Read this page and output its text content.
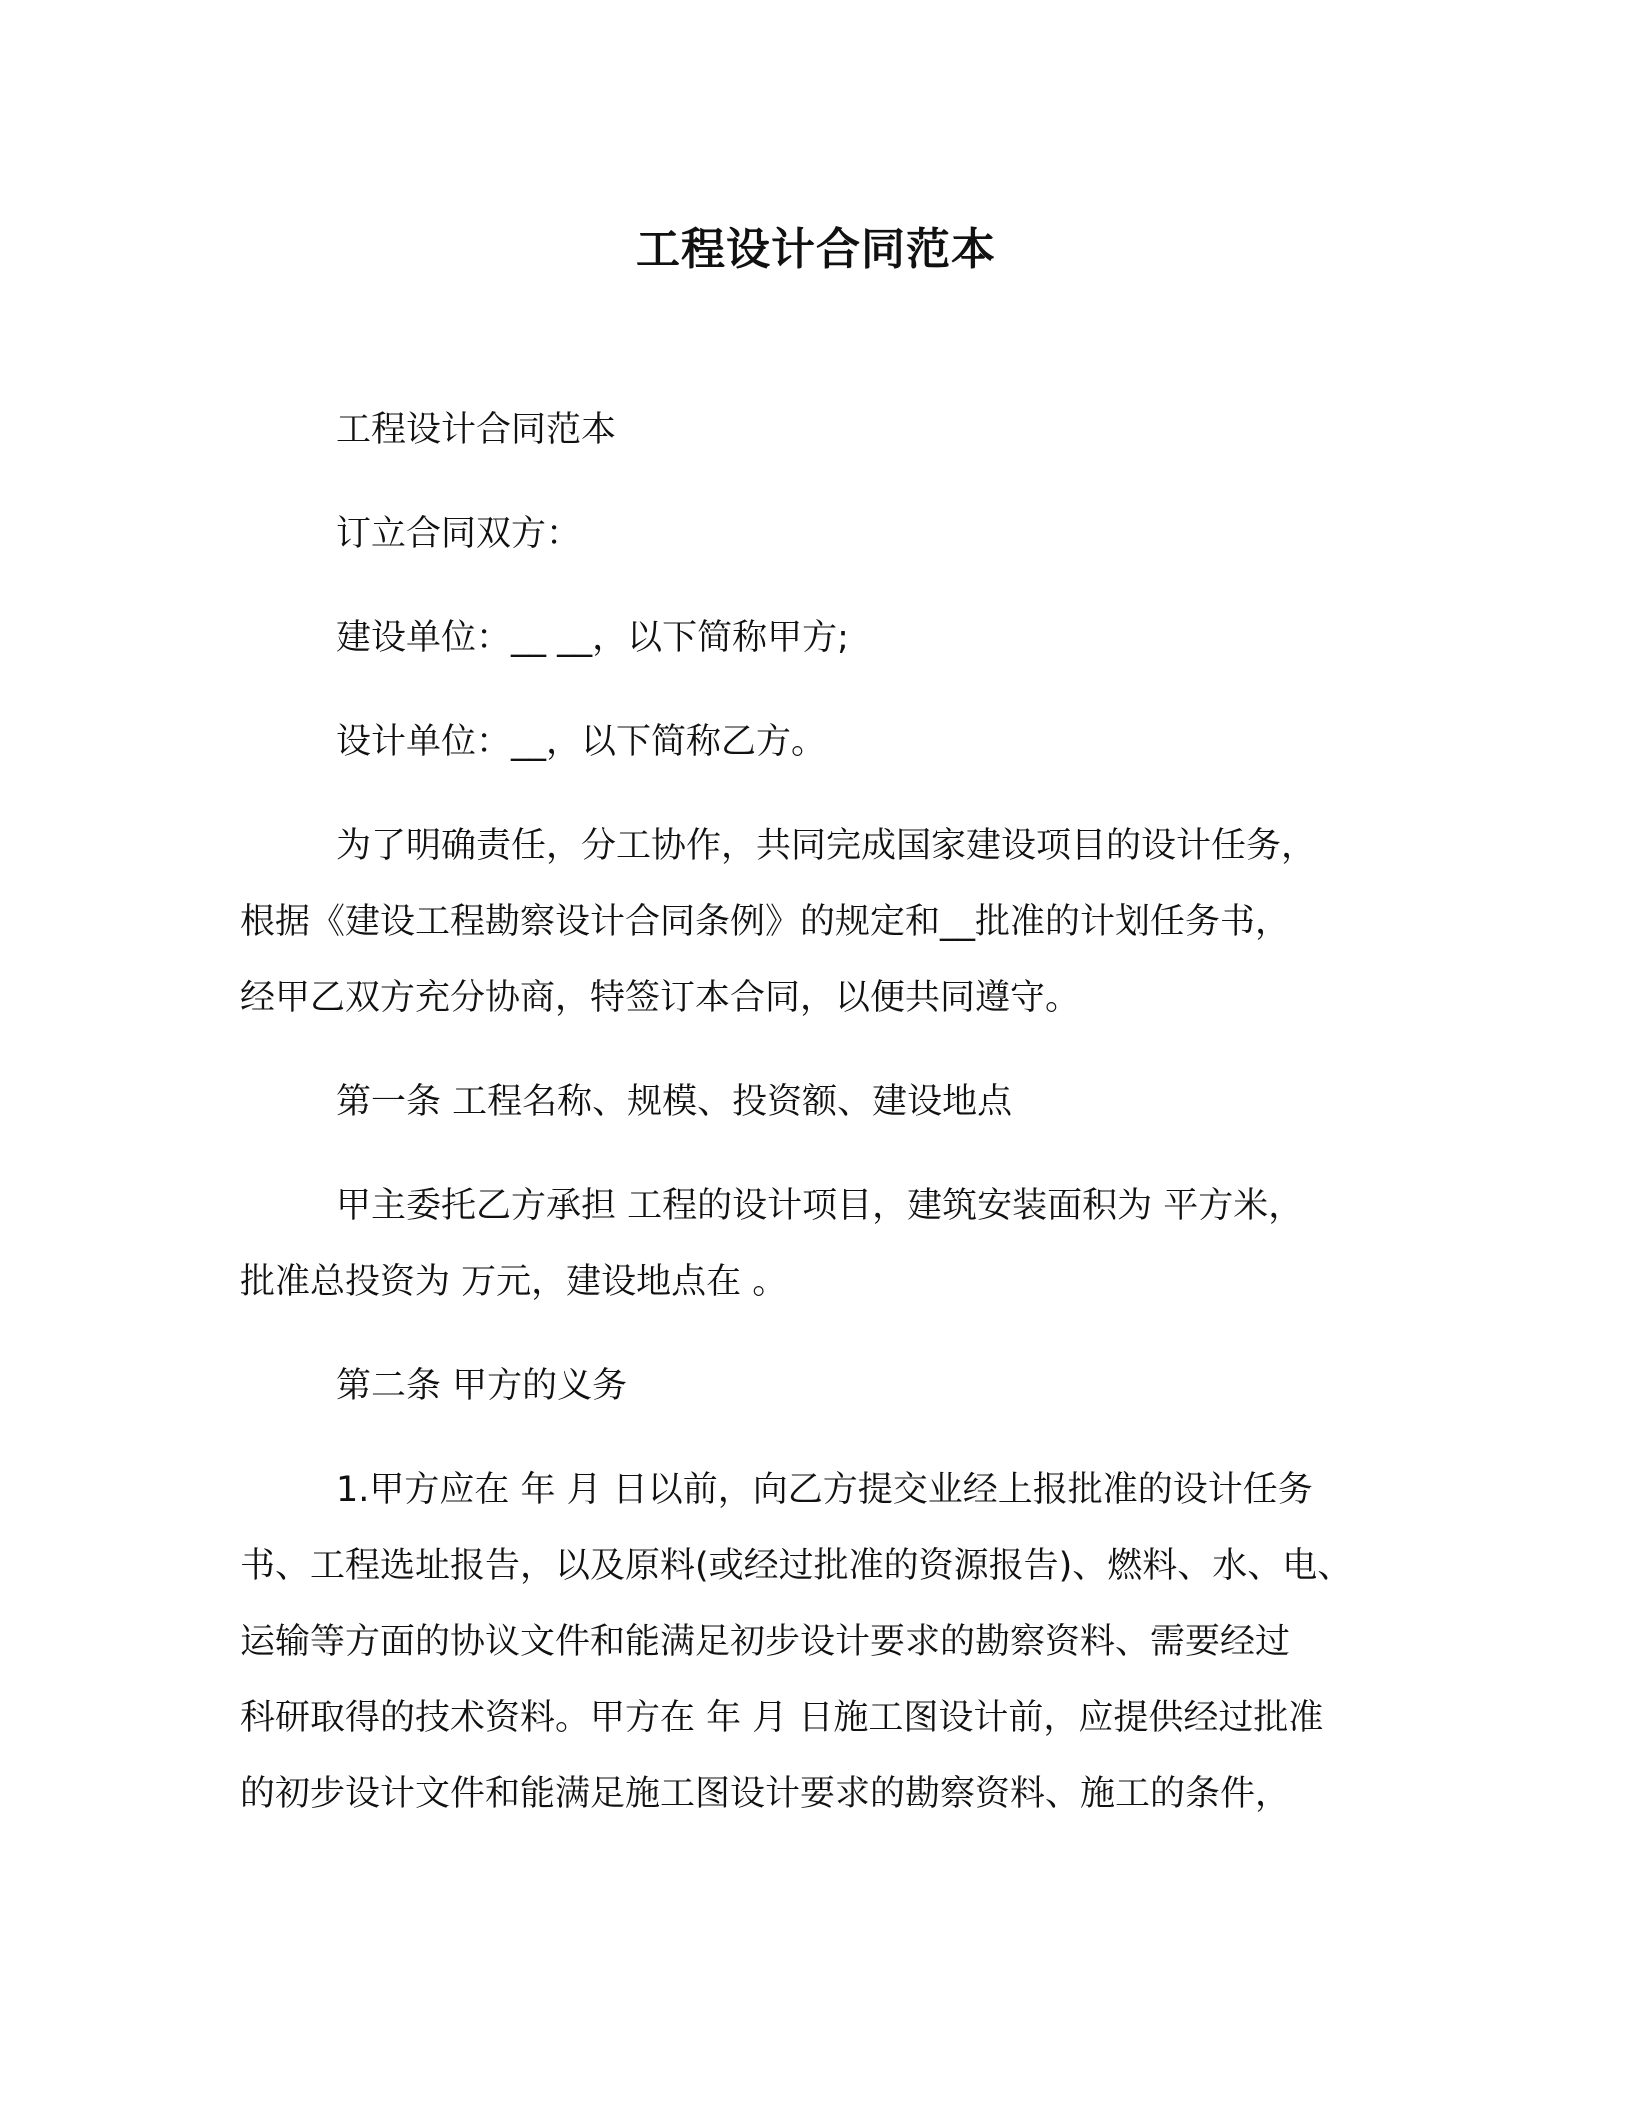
工程设计合同范本
工程设计合同范本
订立合同双方：
建设单位：__ __，以下简称甲方;
设计单位：__，以下简称乙方。
为了明确责任，分工协作，共同完成国家建设项目的设计任务，
根据《建设工程勘察设计合同条例》的规定和__批准的计划任务书，
经甲乙双方充分协商，特签订本合同，以便共同遵守。
第一条 工程名称、规模、投资额、建设地点
甲主委托乙方承担 工程的设计项目，建筑安装面积为 平方米，
批准总投资为 万元，建设地点在 。
第二条 甲方的义务
1.甲方应在 年 月 日以前，向乙方提交业经上报批准的设计任务
书、工程选址报告，以及原料(或经过批准的资源报告)、燃料、水、电、
运输等方面的协议文件和能满足初步设计要求的勘察资料、需要经过
科研取得的技术资料。甲方在 年 月 日施工图设计前，应提供经过批准
的初步设计文件和能满足施工图设计要求的勘察资料、施工的条件，
